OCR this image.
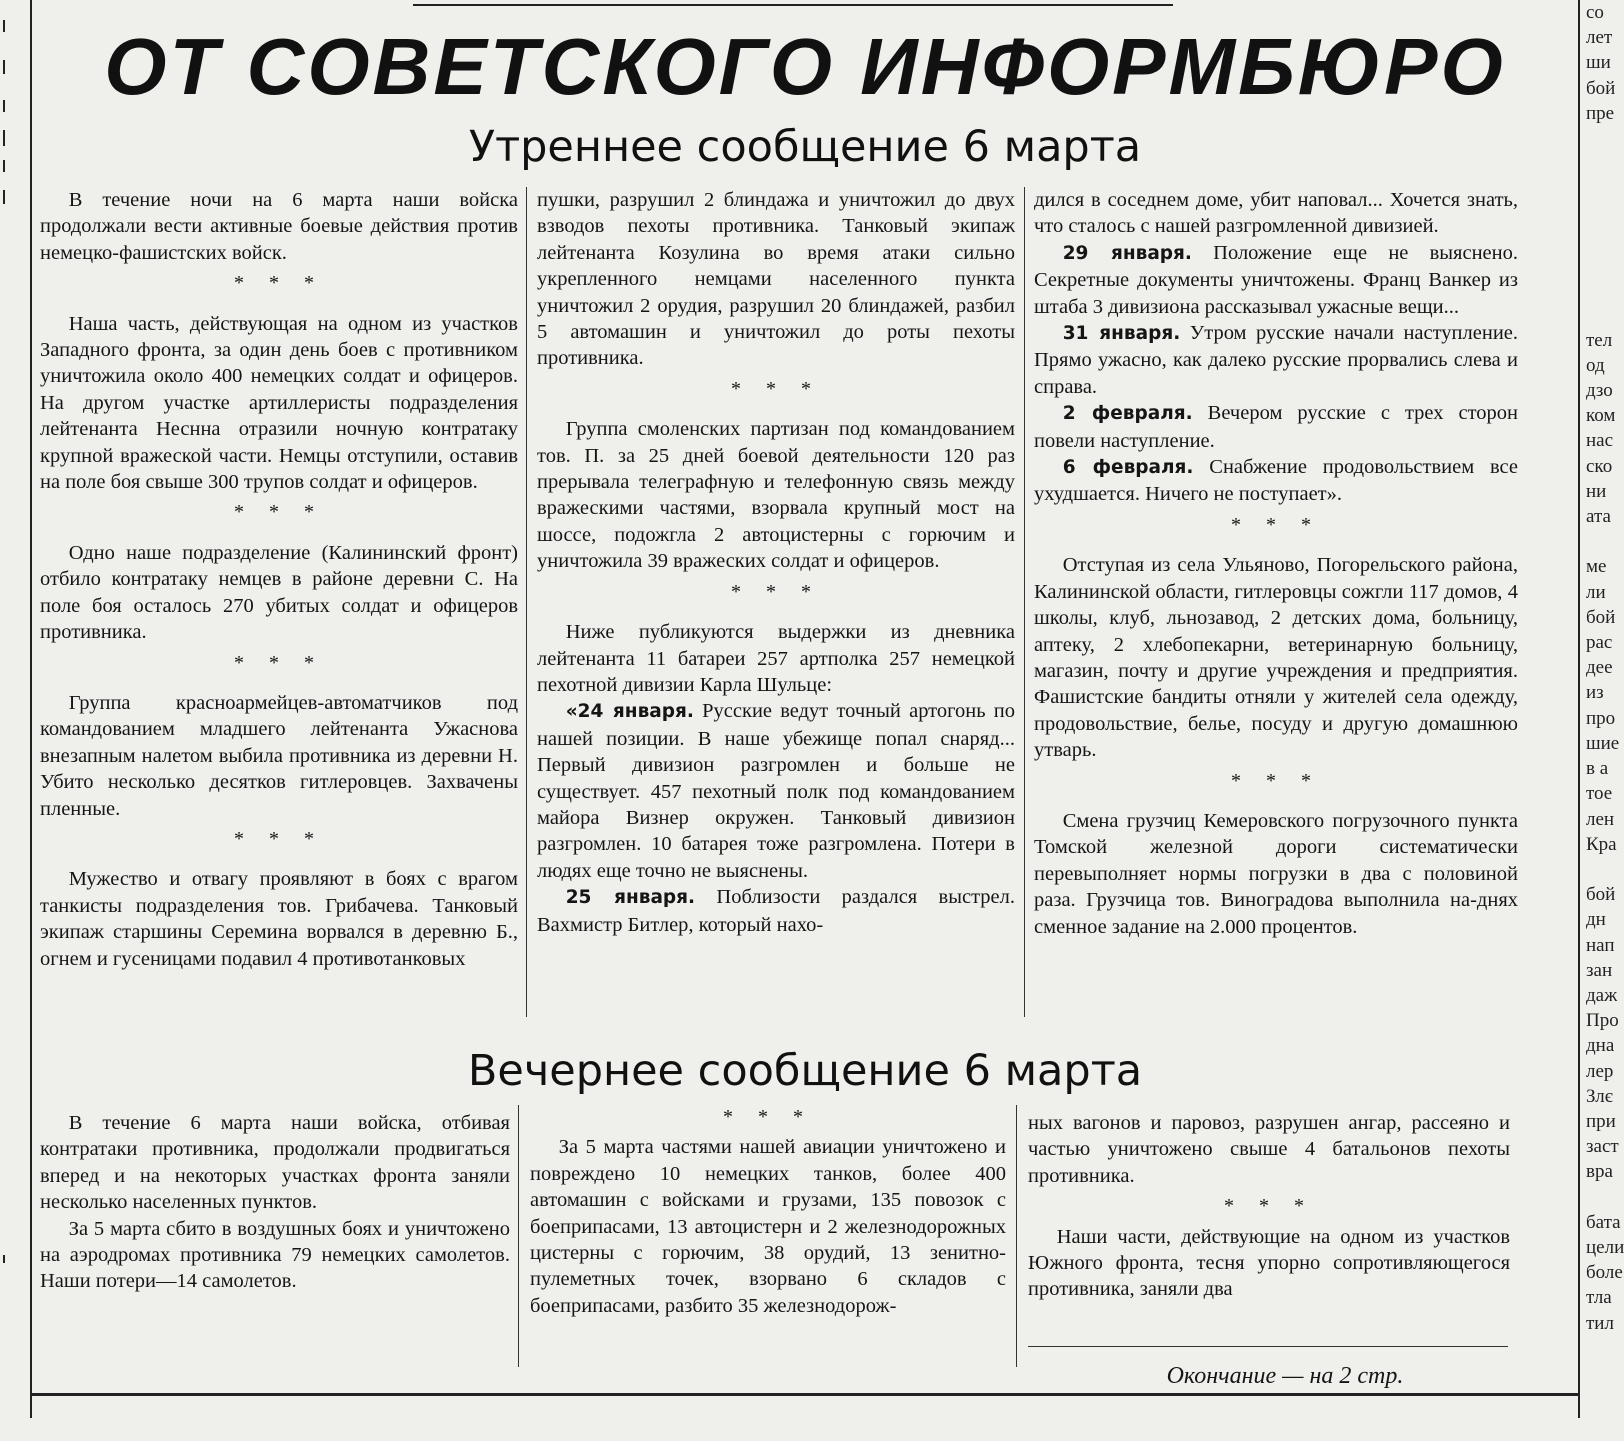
ОТ СОВЕТСКОГО ИНФОРМБЮРО
Утреннее сообщение 6 марта

В течение ночи на 6 марта наши войска продолжали вести активные боевые действия против немецко-фашистских войск.

* * *

Наша часть, действующая на одном из участков Западного фронта, за один день боев с противником уничтожила около 400 немецких солдат и офицеров. На другом участке артиллеристы подразделения лейтенанта Неснна отразили ночную контратаку крупной вражеской части. Немцы отступили, оставив на поле боя свыше 300 трупов солдат и офицеров.

* * *

Одно наше подразделение (Калининский фронт) отбило контратаку немцев в районе деревни С. На поле боя осталось 270 убитых солдат и офицеров противника.

* * *

Группа красноармейцев-автоматчиков под командованием младшего лейтенанта Ужаснова внезапным налетом выбила противника из деревни Н. Убито несколько десятков гитлеровцев. Захвачены пленные.

* * *

Мужество и отвагу проявляют в боях с врагом танкисты подразделения тов. Грибачева. Танковый экипаж старшины Серемина ворвался в деревню Б., огнем и гусеницами подавил 4 противотанковых

пушки, разрушил 2 блиндажа и уничтожил до двух взводов пехоты противника. Танковый экипаж лейтенанта Козулина во время атаки сильно укрепленного немцами населенного пункта уничтожил 2 орудия, разрушил 20 блиндажей, разбил 5 автомашин и уничтожил до роты пехоты противника.

* * *

Группа смоленских партизан под командованием тов. П. за 25 дней боевой деятельности 120 раз прерывала телеграфную и телефонную связь между вражескими частями, взорвала крупный мост на шоссе, подожгла 2 автоцистерны с горючим и уничтожила 39 вражеских солдат и офицеров.

* * *

Ниже публикуются выдержки из дневника лейтенанта 11 батареи 257 артполка 257 немецкой пехотной дивизии Карла Шульце:

«24 января. Русские ведут точный артогонь по нашей позиции. В наше убежище попал снаряд... Первый дивизион разгромлен и больше не существует. 457 пехотный полк под командованием майора Визнер окружен. Танковый дивизион разгромлен. 10 батарея тоже разгромлена. Потери в людях еще точно не выяснены.

25 января. Поблизости раздался выстрел. Вахмистр Битлер, который нахо-

дился в соседнем доме, убит наповал... Хочется знать, что сталось с нашей разгромленной дивизией.

29 января. Положение еще не выяснено. Секретные документы уничтожены. Франц Ванкер из штаба 3 дивизиона рассказывал ужасные вещи...

31 января. Утром русские начали наступление. Прямо ужасно, как далеко русские прорвались слева и справа.

2 февраля. Вечером русские с трех сторон повели наступление.

6 февраля. Снабжение продовольствием все ухудшается. Ничего не поступает».

* * *

Отступая из села Ульяново, Погорельского района, Калининской области, гитлеровцы сожгли 117 домов, 4 школы, клуб, льнозавод, 2 детских дома, больницу, аптеку, 2 хлебопекарни, ветеринарную больницу, магазин, почту и другие учреждения и предприятия. Фашистские бандиты отняли у жителей села одежду, продовольствие, белье, посуду и другую домашнюю утварь.

* * *

Смена грузчиц Кемеровского погрузочного пункта Томской железной дороги систематически перевыполняет нормы погрузки в два с половиной раза. Грузчица тов. Виноградова выполнила на-днях сменное задание на 2.000 процентов.

Вечернее сообщение 6 марта

В течение 6 марта наши войска, отбивая контратаки противника, продолжали продвигаться вперед и на некоторых участках фронта заняли несколько населенных пунктов.

За 5 марта сбито в воздушных боях и уничтожено на аэродромах противника 79 немецких самолетов. Наши потери—14 самолетов.

* * *

За 5 марта частями нашей авиации уничтожено и повреждено 10 немецких танков, более 400 автомашин с войсками и грузами, 135 повозок с боеприпасами, 13 автоцистерн и 2 железнодорожных цистерны с горючим, 38 орудий, 13 зенитно-пулеметных точек, взорвано 6 складов с боеприпасами, разбито 35 железнодорож-

ных вагонов и паровоз, разрушен ангар, рассеяно и частью уничтожено свыше 4 батальонов пехоты противника.

* * *

Наши части, действующие на одном из участков Южного фронта, тесня упорно сопротивляющегося противника, заняли два

Окончание — на 2 стр.
со
лет
ши
бой
пре

тел
од
дзо
ком
нас
ско
ни
ата

ме
ли
бой
рас
дее
из
про
шие
в а
тое
лен
Кра

бой
дн
нап
зан
даж
Про
дна
лер
Злє
при
заст
вра

бата
цели
боле
тла
тил
